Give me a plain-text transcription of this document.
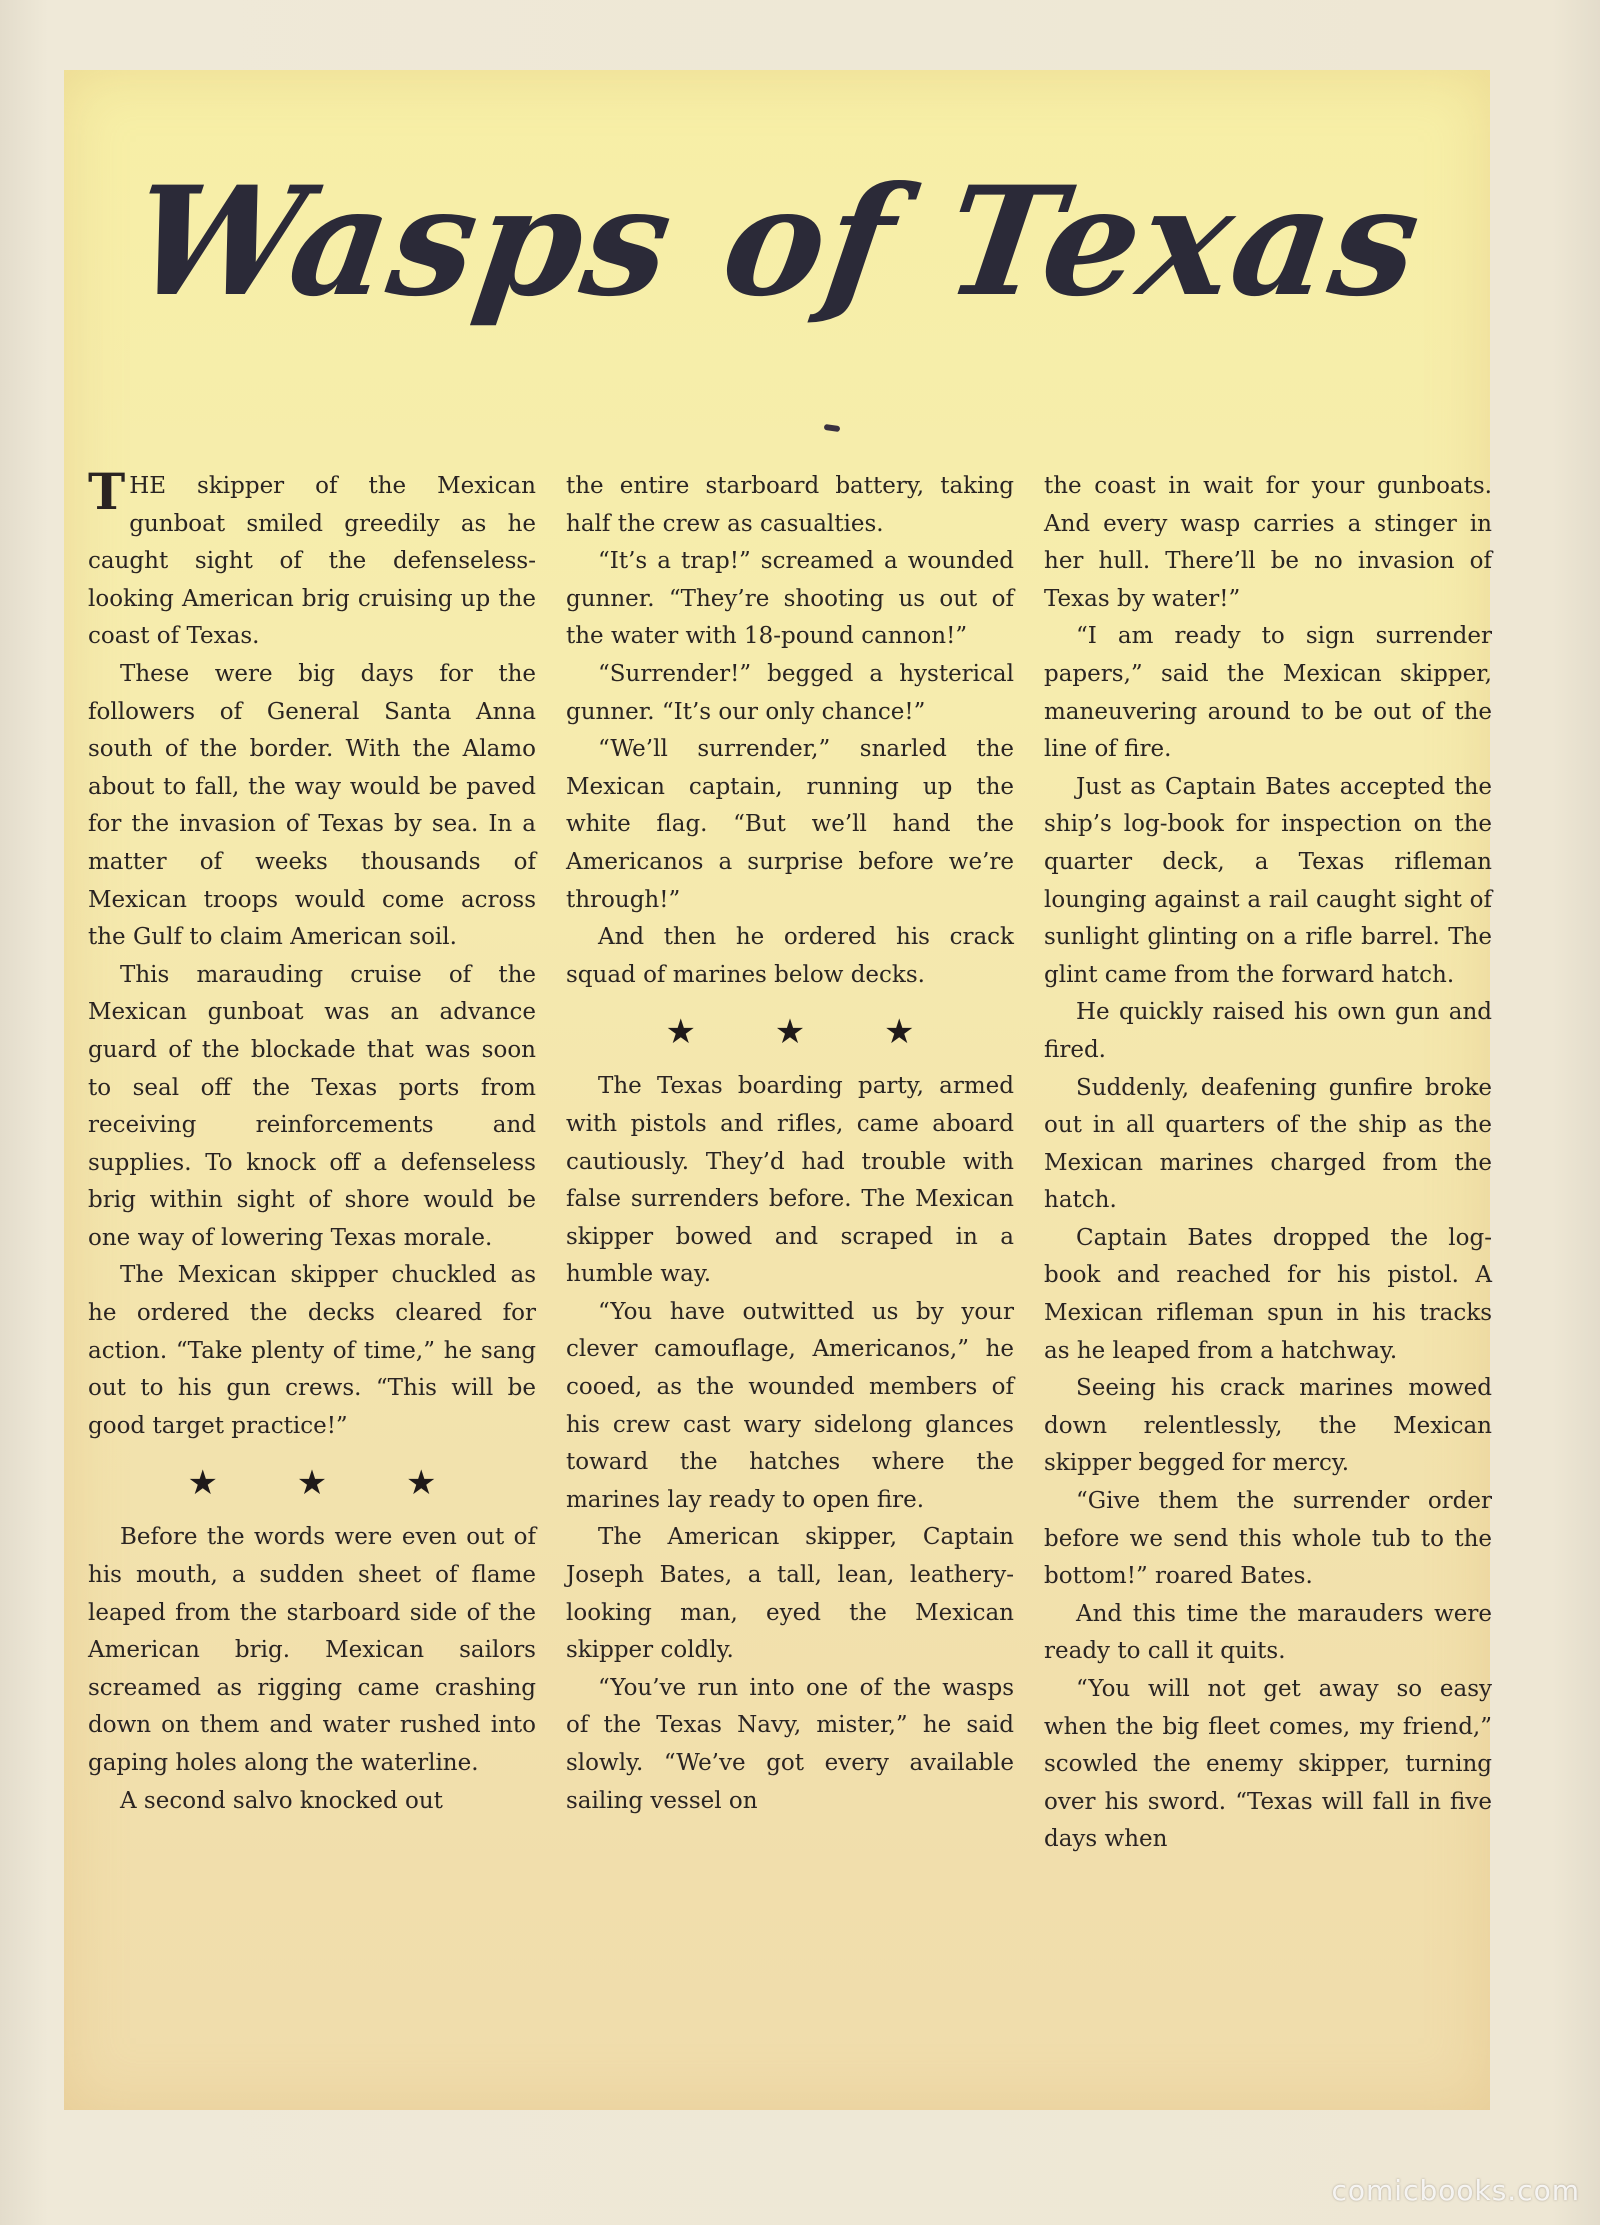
Wasps of Texas

THE skipper of the Mexican gunboat smiled greedily as he caught sight of the defenseless-looking American brig cruising up the coast of Texas.

These were big days for the followers of General Santa Anna south of the border. With the Alamo about to fall, the way would be paved for the invasion of Texas by sea. In a matter of weeks thousands of Mexican troops would come across the Gulf to claim American soil.

This marauding cruise of the Mexican gunboat was an advance guard of the blockade that was soon to seal off the Texas ports from receiving reinforcements and supplies. To knock off a defenseless brig within sight of shore would be one way of lowering Texas morale.

The Mexican skipper chuckled as he ordered the decks cleared for action. “Take plenty of time,” he sang out to his gun crews. “This will be good target practice!”

★ ★ ★

Before the words were even out of his mouth, a sudden sheet of flame leaped from the starboard side of the American brig. Mexican sailors screamed as rigging came crashing down on them and water rushed into gaping holes along the waterline.

A second salvo knocked out

the entire starboard battery, taking half the crew as casualties.

“It’s a trap!” screamed a wounded gunner. “They’re shooting us out of the water with 18-pound cannon!”

“Surrender!” begged a hysterical gunner. “It’s our only chance!”

“We’ll surrender,” snarled the Mexican captain, running up the white flag. “But we’ll hand the Americanos a surprise before we’re through!”

And then he ordered his crack squad of marines below decks.

★ ★ ★

The Texas boarding party, armed with pistols and rifles, came aboard cautiously. They’d had trouble with false surrenders before. The Mexican skipper bowed and scraped in a humble way.

“You have outwitted us by your clever camouflage, Americanos,” he cooed, as the wounded members of his crew cast wary sidelong glances toward the hatches where the marines lay ready to open fire.

The American skipper, Captain Joseph Bates, a tall, lean, leathery-looking man, eyed the Mexican skipper coldly.

“You’ve run into one of the wasps of the Texas Navy, mister,” he said slowly. “We’ve got every available sailing vessel on

the coast in wait for your gunboats. And every wasp carries a stinger in her hull. There’ll be no invasion of Texas by water!”

“I am ready to sign surrender papers,” said the Mexican skipper, maneuvering around to be out of the line of fire.

Just as Captain Bates accepted the ship’s log-book for inspection on the quarter deck, a Texas rifleman lounging against a rail caught sight of sunlight glinting on a rifle barrel. The glint came from the forward hatch.

He quickly raised his own gun and fired.

Suddenly, deafening gunfire broke out in all quarters of the ship as the Mexican marines charged from the hatch.

Captain Bates dropped the log-book and reached for his pistol. A Mexican rifleman spun in his tracks as he leaped from a hatchway.

Seeing his crack marines mowed down relentlessly, the Mexican skipper begged for mercy.

“Give them the surrender order before we send this whole tub to the bottom!” roared Bates.

And this time the marauders were ready to call it quits.

“You will not get away so easy when the big fleet comes, my friend,” scowled the enemy skipper, turning over his sword. “Texas will fall in five days when

comicbooks.com
